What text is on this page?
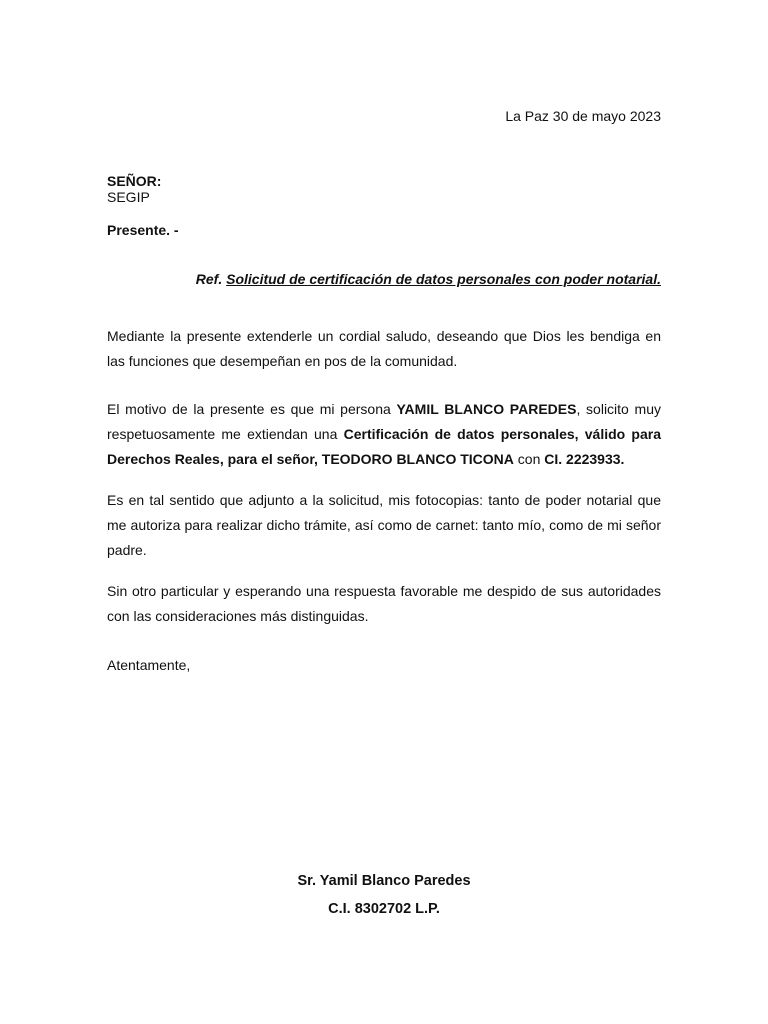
La Paz 30 de mayo 2023
SEÑOR:
SEGIP
Presente. -
Ref. Solicitud de certificación de datos personales con poder notarial.
Mediante la presente extenderle un cordial saludo, deseando que Dios les bendiga en las funciones que desempeñan en pos de la comunidad.
El motivo de la presente es que mi persona YAMIL BLANCO PAREDES, solicito muy respetuosamente me extiendan una Certificación de datos personales, válido para Derechos Reales, para el señor, TEODORO BLANCO TICONA con CI. 2223933.
Es en tal sentido que adjunto a la solicitud, mis fotocopias: tanto de poder notarial que me autoriza para realizar dicho trámite, así como de carnet: tanto mío, como de mi señor padre.
Sin otro particular y esperando una respuesta favorable me despido de sus autoridades con las consideraciones más distinguidas.
Atentamente,
Sr. Yamil Blanco Paredes
C.I. 8302702 L.P.
